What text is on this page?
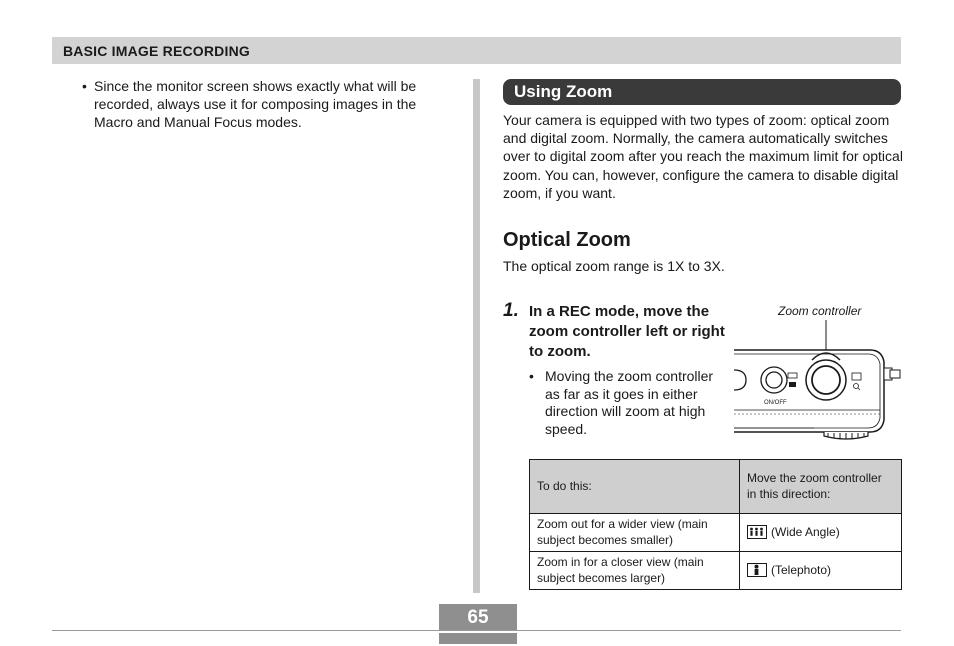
BASIC IMAGE RECORDING
• Since the monitor screen shows exactly what will be recorded, always use it for composing images in the Macro and Manual Focus modes.
Using Zoom

Your camera is equipped with two types of zoom: optical zoom and digital zoom. Normally, the camera automatically switches over to digital zoom after you reach the maximum limit for optical zoom. You can, however, configure the camera to disable digital zoom, if you want.

Optical Zoom

The optical zoom range is 1X to 3X.

1. In a REC mode, move the zoom controller left or right to zoom.

• Moving the zoom controller as far as it goes in either direction will zoom at high speed.
Zoom controller
ON/OFF
To do this:	Move the zoom controller in this direction:
Zoom out for a wider view (main subject becomes smaller)	(Wide Angle)
Zoom in for a closer view (main subject becomes larger)	(Telephoto)
65
